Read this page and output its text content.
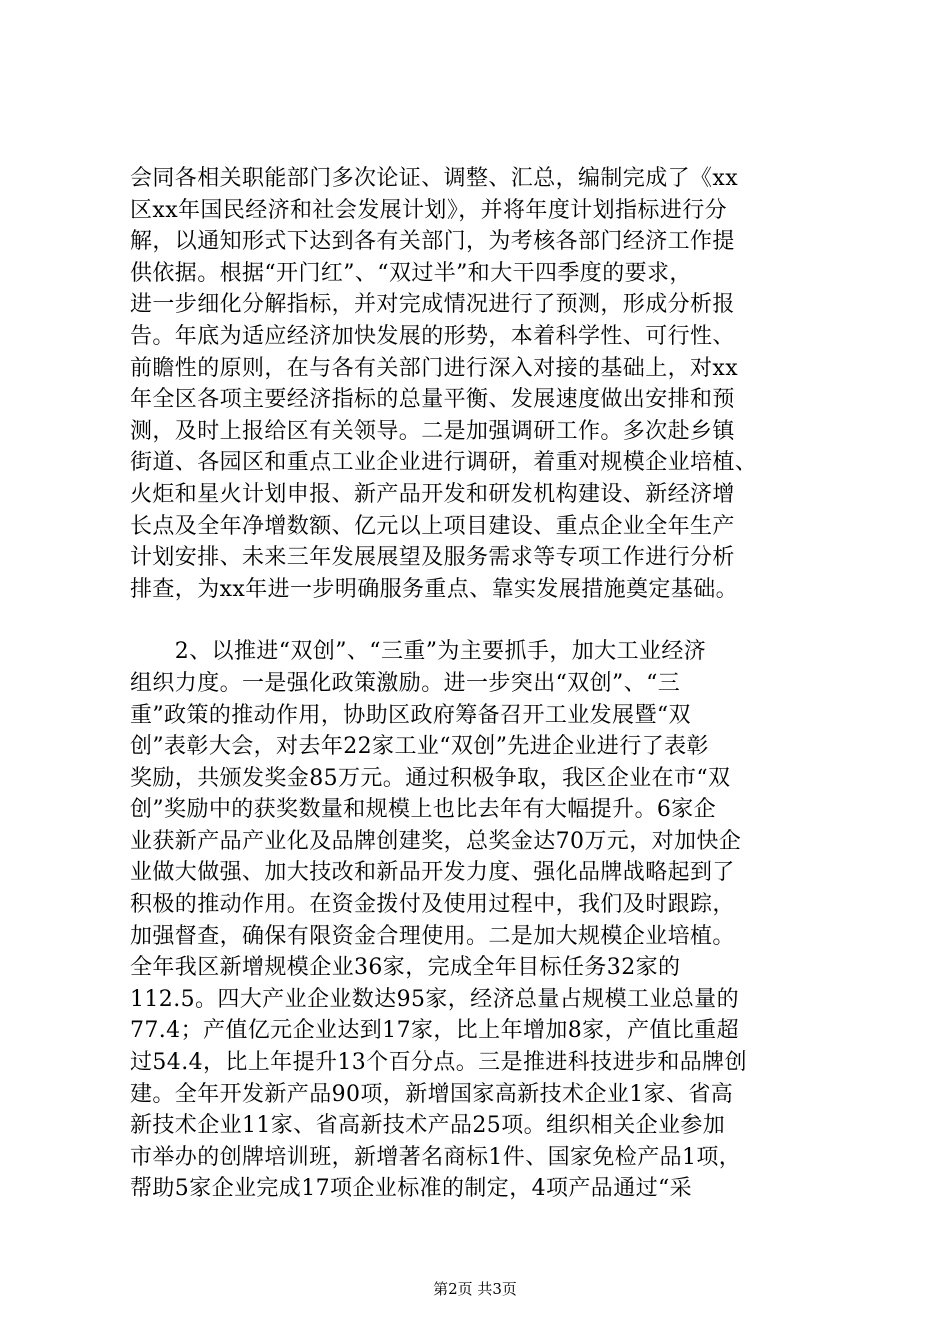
会同各相关职能部门多次论证、调整、汇总，编制完成了《xx
区xx年国民经济和社会发展计划》，并将年度计划指标进行分
解，以通知形式下达到各有关部门，为考核各部门经济工作提
供依据。根据“开门红”、“双过半”和大干四季度的要求，
进一步细化分解指标，并对完成情况进行了预测，形成分析报
告。年底为适应经济加快发展的形势，本着科学性、可行性、
前瞻性的原则，在与各有关部门进行深入对接的基础上，对xx
年全区各项主要经济指标的总量平衡、发展速度做出安排和预
测，及时上报给区有关领导。二是加强调研工作。多次赴乡镇
街道、各园区和重点工业企业进行调研，着重对规模企业培植、
火炬和星火计划申报、新产品开发和研发机构建设、新经济增
长点及全年净增数额、亿元以上项目建设、重点企业全年生产
计划安排、未来三年发展展望及服务需求等专项工作进行分析
排查，为xx年进一步明确服务重点、靠实发展措施奠定基础。
　　2、以推进“双创”、“三重”为主要抓手，加大工业经济
组织力度。一是强化政策激励。进一步突出“双创”、“三
重”政策的推动作用，协助区政府筹备召开工业发展暨“双
创”表彰大会，对去年22家工业“双创”先进企业进行了表彰
奖励，共颁发奖金85万元。通过积极争取，我区企业在市“双
创”奖励中的获奖数量和规模上也比去年有大幅提升。6家企
业获新产品产业化及品牌创建奖，总奖金达70万元，对加快企
业做大做强、加大技改和新品开发力度、强化品牌战略起到了
积极的推动作用。在资金拨付及使用过程中，我们及时跟踪，
加强督查，确保有限资金合理使用。二是加大规模企业培植。
全年我区新增规模企业36家，完成全年目标任务32家的
112.5。四大产业企业数达95家，经济总量占规模工业总量的
77.4；产值亿元企业达到17家，比上年增加8家，产值比重超
过54.4，比上年提升13个百分点。三是推进科技进步和品牌创
建。全年开发新产品90项，新增国家高新技术企业1家、省高
新技术企业11家、省高新技术产品25项。组织相关企业参加
市举办的创牌培训班，新增著名商标1件、国家免检产品1项，
帮助5家企业完成17项企业标准的制定，4项产品通过“采
第2页 共3页
